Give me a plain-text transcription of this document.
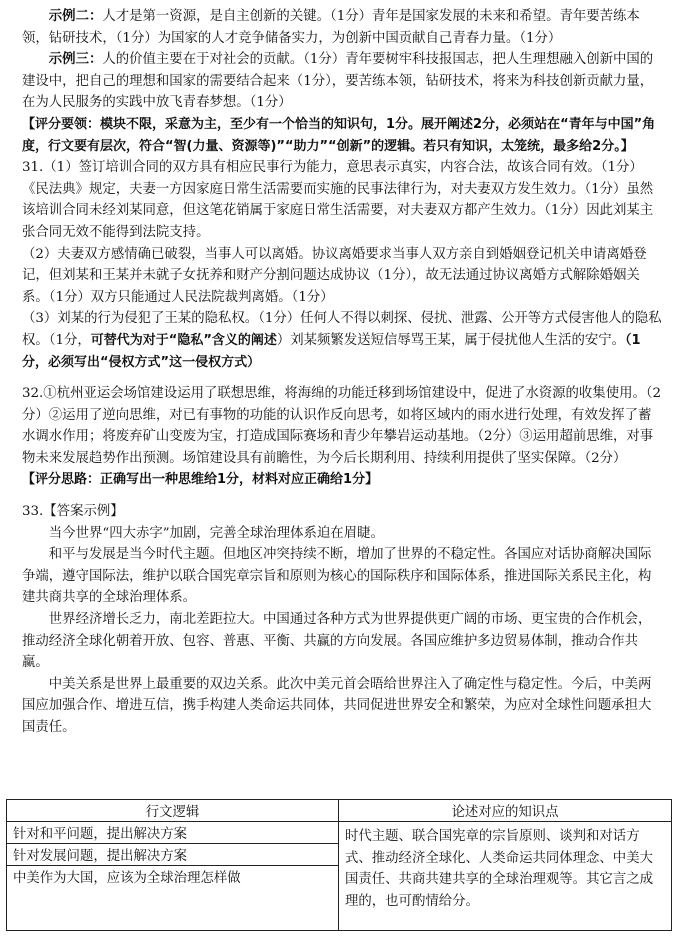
示例二：人才是第一资源，是自主创新的关键。（1分）青年是国家发展的未来和希望。青年要苦练本领，钻研技术，（1分）为国家的人才竞争储备实力，为创新中国贡献自己青春力量。（1分）

示例三：人的价值主要在于对社会的贡献。（1分）青年要树牢科技报国志，把人生理想融入创新中国的建设中，把自己的理想和国家的需要结合起来（1分），要苦练本领，钻研技术，将来为科技创新贡献力量，在为人民服务的实践中放飞青春梦想。（1分）

【评分要领：模块不限，采意为主，至少有一个恰当的知识句，1分。展开阐述2分，必须站在“青年与中国”角度，行文要有层次，符合“智(力量、资源等)”“助力”“创新”的逻辑。若只有知识，太笼统，最多给2分。】

31.（1）签订培训合同的双方具有相应民事行为能力，意思表示真实，内容合法，故该合同有效。（1分）《民法典》规定，夫妻一方因家庭日常生活需要而实施的民事法律行为，对夫妻双方发生效力。（1分）虽然该培训合同未经刘某同意，但这笔花销属于家庭日常生活需要，对夫妻双方都产生效力。（1分）因此刘某主张合同无效不能得到法院支持。

（2）夫妻双方感情确已破裂，当事人可以离婚。协议离婚要求当事人双方亲自到婚姻登记机关申请离婚登记，但刘某和王某并未就子女抚养和财产分割问题达成协议（1分），故无法通过协议离婚方式解除婚姻关系。（1分）双方只能通过人民法院裁判离婚。（1分）

（3）刘某的行为侵犯了王某的隐私权。（1分）任何人不得以刺探、侵扰、泄露、公开等方式侵害他人的隐私权。（1分，可替代为对于“隐私”含义的阐述）刘某频繁发送短信辱骂王某，属于侵扰他人生活的安宁。（1分，必须写出“侵权方式”这一侵权方式）

32.①杭州亚运会场馆建设运用了联想思维，将海绵的功能迁移到场馆建设中，促进了水资源的收集使用。（2分）②运用了逆向思维，对已有事物的功能的认识作反向思考，如将区域内的雨水进行处理，有效发挥了蓄水调水作用；将废弃矿山变废为宝，打造成国际赛场和青少年攀岩运动基地。（2分）③运用超前思维，对事物未来发展趋势作出预测。场馆建设具有前瞻性，为今后长期利用、持续利用提供了坚实保障。（2分）

【评分思路：正确写出一种思维给1分，材料对应正确给1分】

33.【答案示例】

当今世界“四大赤字”加剧，完善全球治理体系迫在眉睫。

和平与发展是当今时代主题。但地区冲突持续不断，增加了世界的不稳定性。各国应对话协商解决国际争端，遵守国际法，维护以联合国宪章宗旨和原则为核心的国际秩序和国际体系，推进国际关系民主化，构建共商共享的全球治理体系。

世界经济增长乏力，南北差距拉大。中国通过各种方式为世界提供更广阔的市场、更宝贵的合作机会，推动经济全球化朝着开放、包容、普惠、平衡、共赢的方向发展。各国应维护多边贸易体制，推动合作共赢。

中美关系是世界上最重要的双边关系。此次中美元首会晤给世界注入了确定性与稳定性。今后，中美两国应加强合作、增进互信，携手构建人类命运共同体，共同促进世界安全和繁荣，为应对全球性问题承担大国责任。

行文逻辑	论述对应的知识点
针对和平问题，提出解决方案	时代主题、联合国宪章的宗旨原则、谈判和对话方式、推动经济全球化、人类命运共同体理念、中美大国责任、共商共建共享的全球治理观等。其它言之成理的，也可酌情给分。
针对发展问题，提出解决方案	
中美作为大国，应该为全球治理怎样做	
